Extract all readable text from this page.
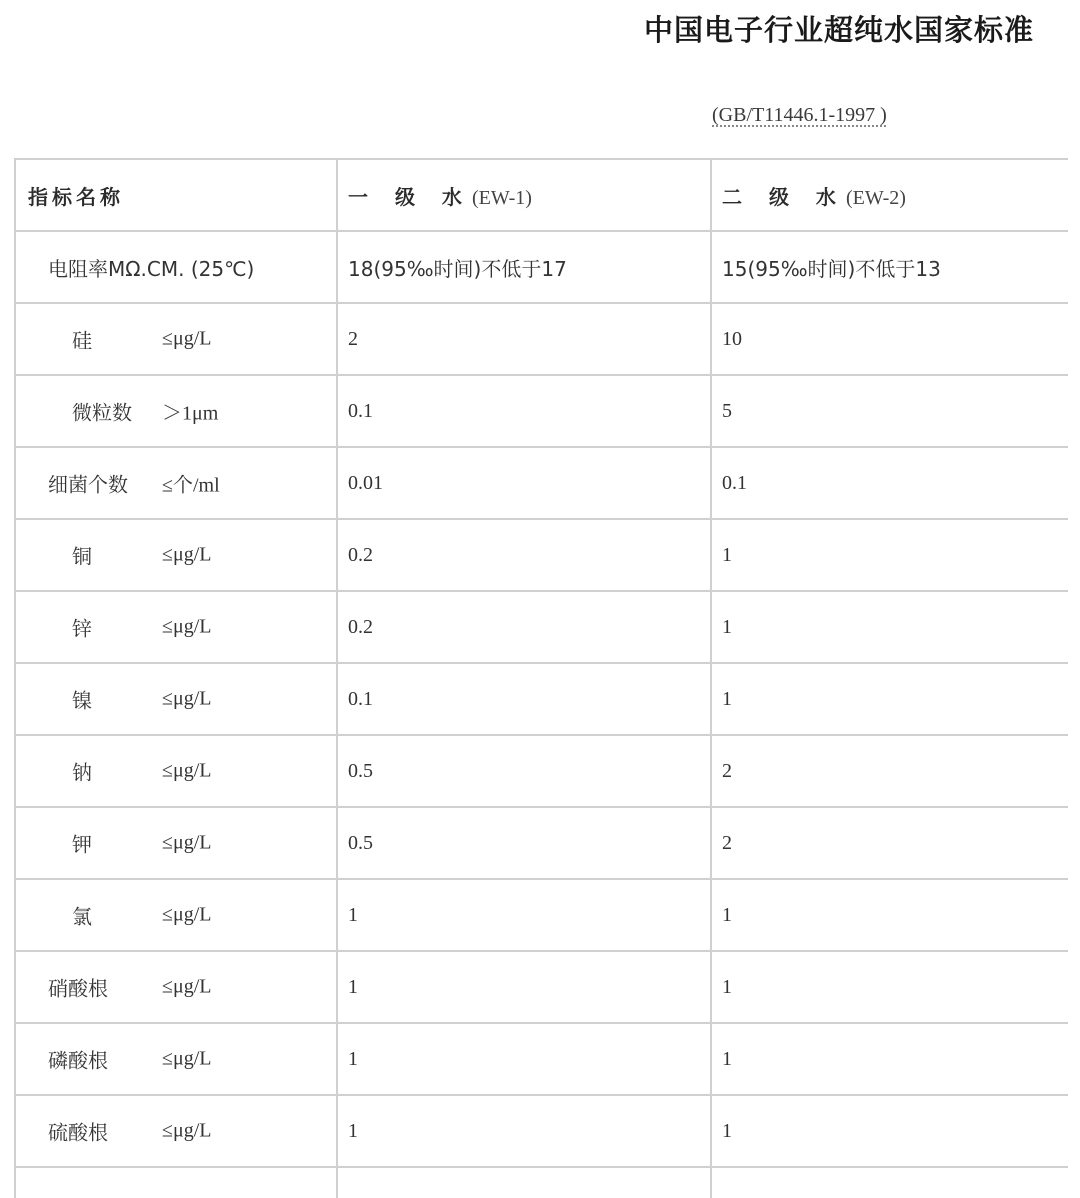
中国电子行业超纯水国家标准
(GB/T11446.1-1997 )
指标名称	一 级 水(EW-1)	二 级 水(EW-2)
电阻率MΩ.CM. (25℃)	18(95‰时间)不低于17	15(95‰时间)不低于13

硅 ≤μg/L	2	10

微粒数 ＞1μm	0.1	5

细菌个数 ≤个/ml	0.01	0.1

铜 ≤μg/L	0.2	1

锌 ≤μg/L	0.2	1

镍 ≤μg/L	0.1	1

钠 ≤μg/L	0.5	2

钾 ≤μg/L	0.5	2

氯 ≤μg/L	1	1

硝酸根 ≤μg/L	1	1

磷酸根 ≤μg/L	1	1

硫酸根 ≤μg/L	1	1
